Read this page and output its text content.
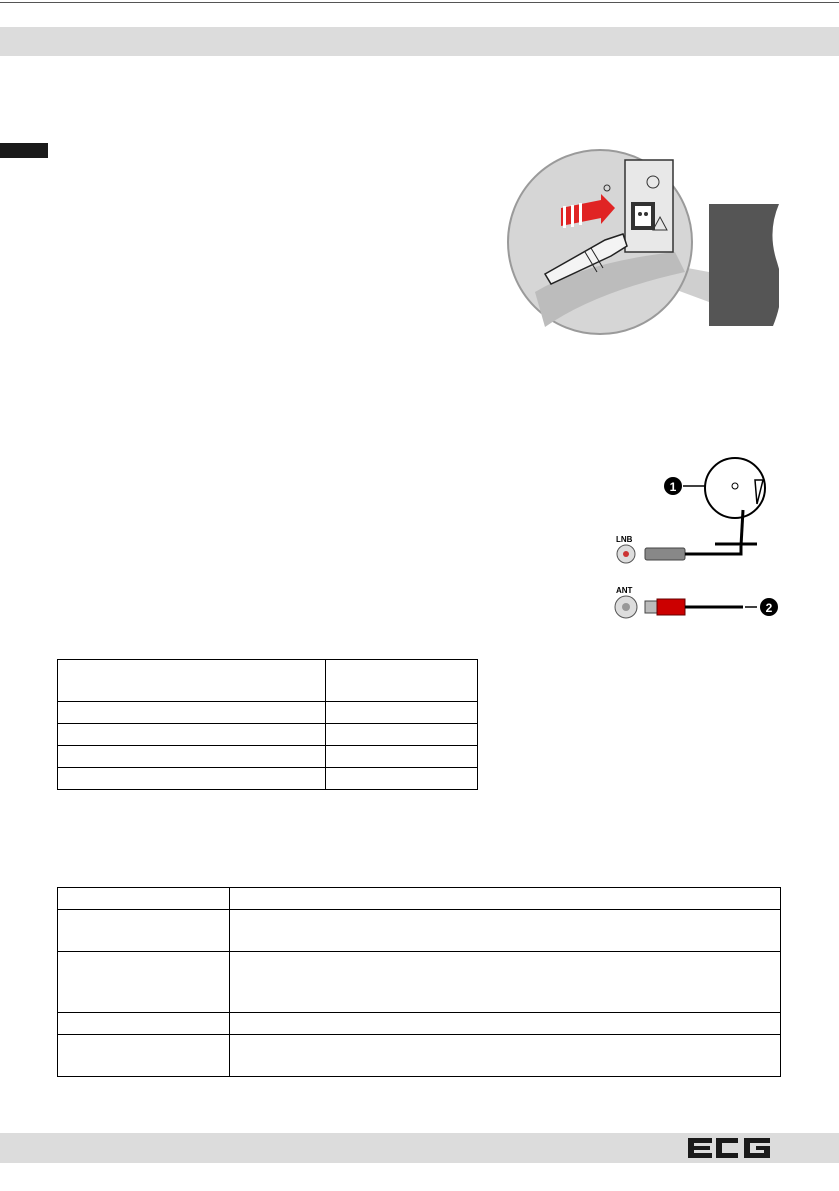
1
LNB
ANT
2
